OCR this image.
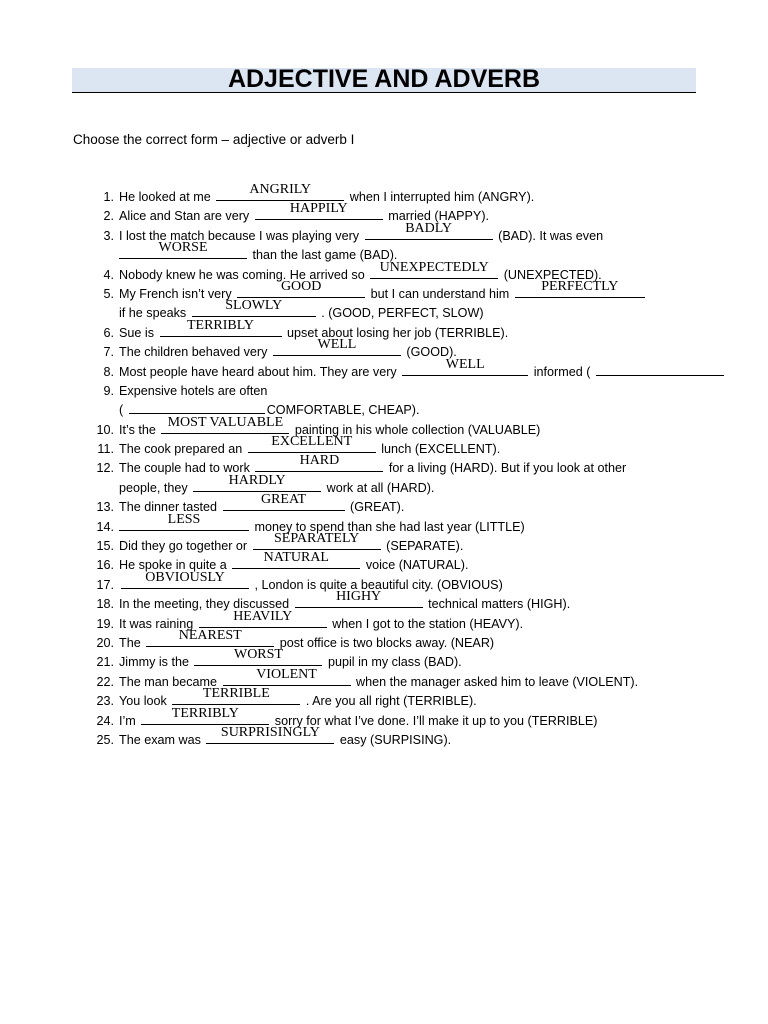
ADJECTIVE AND ADVERB
Choose the correct form – adjective or adverb I
1. He looked at me	ANGRILY	when I interrupted him (ANGRY).
2. Alice and Stan are very	HAPPILY	married (HAPPY).
3. I lost the match because I was playing very	BADLY	(BAD). It was even
WORSE	than the last game (BAD).
4. Nobody knew he was coming. He arrived so	UNEXPECTEDLY	(UNEXPECTED).
5. My French isn’t very	GOOD	but I can understand him	PERFECTLY
if he speaks	SLOWLY	. (GOOD, PERFECT, SLOW)
6. Sue is	TERRIBLY	upset about losing her job (TERRIBLE).
7. The children behaved very	WELL	(GOOD).
8. Most people have heard about him. They are very	WELL	informed (
9. Expensive hotels are often
(	COMFORTABLE, CHEAP).
10. It’s the MOST VALUABLE painting in his whole collection (VALUABLE)
11. The cook prepared an	EXCELLENT	lunch (EXCELLENT).
12. The couple had to work	HARD	for a living (HARD). But if you look at other
people, they	HARDLY	work at all (HARD).
13. The dinner tasted	GREAT	(GREAT).
14.	LESS	money to spend than she had last year (LITTLE)
15. Did they go together or	SEPARATELY	(SEPARATE).
16. He spoke in quite a	NATURAL	voice (NATURAL).
17.	OBVIOUSLY	, London is quite a beautiful city. (OBVIOUS)
18. In the meeting, they discussed	HIGHY	technical matters (HIGH).
19. It was raining	HEAVILY	when I got to the station (HEAVY).
20. The	NEAREST	post office is two blocks away. (NEAR)
21. Jimmy is the	WORST	pupil in my class (BAD).
22. The man became	VIOLENT	when the manager asked him to leave (VIOLENT).
23. You look	TERRIBLE	. Are you all right (TERRIBLE).
24. I’m	TERRIBLY	sorry for what I’ve done. I’ll make it up to you (TERRIBLE)
25. The exam was	SURPRISINGLY	easy (SURPISING).
